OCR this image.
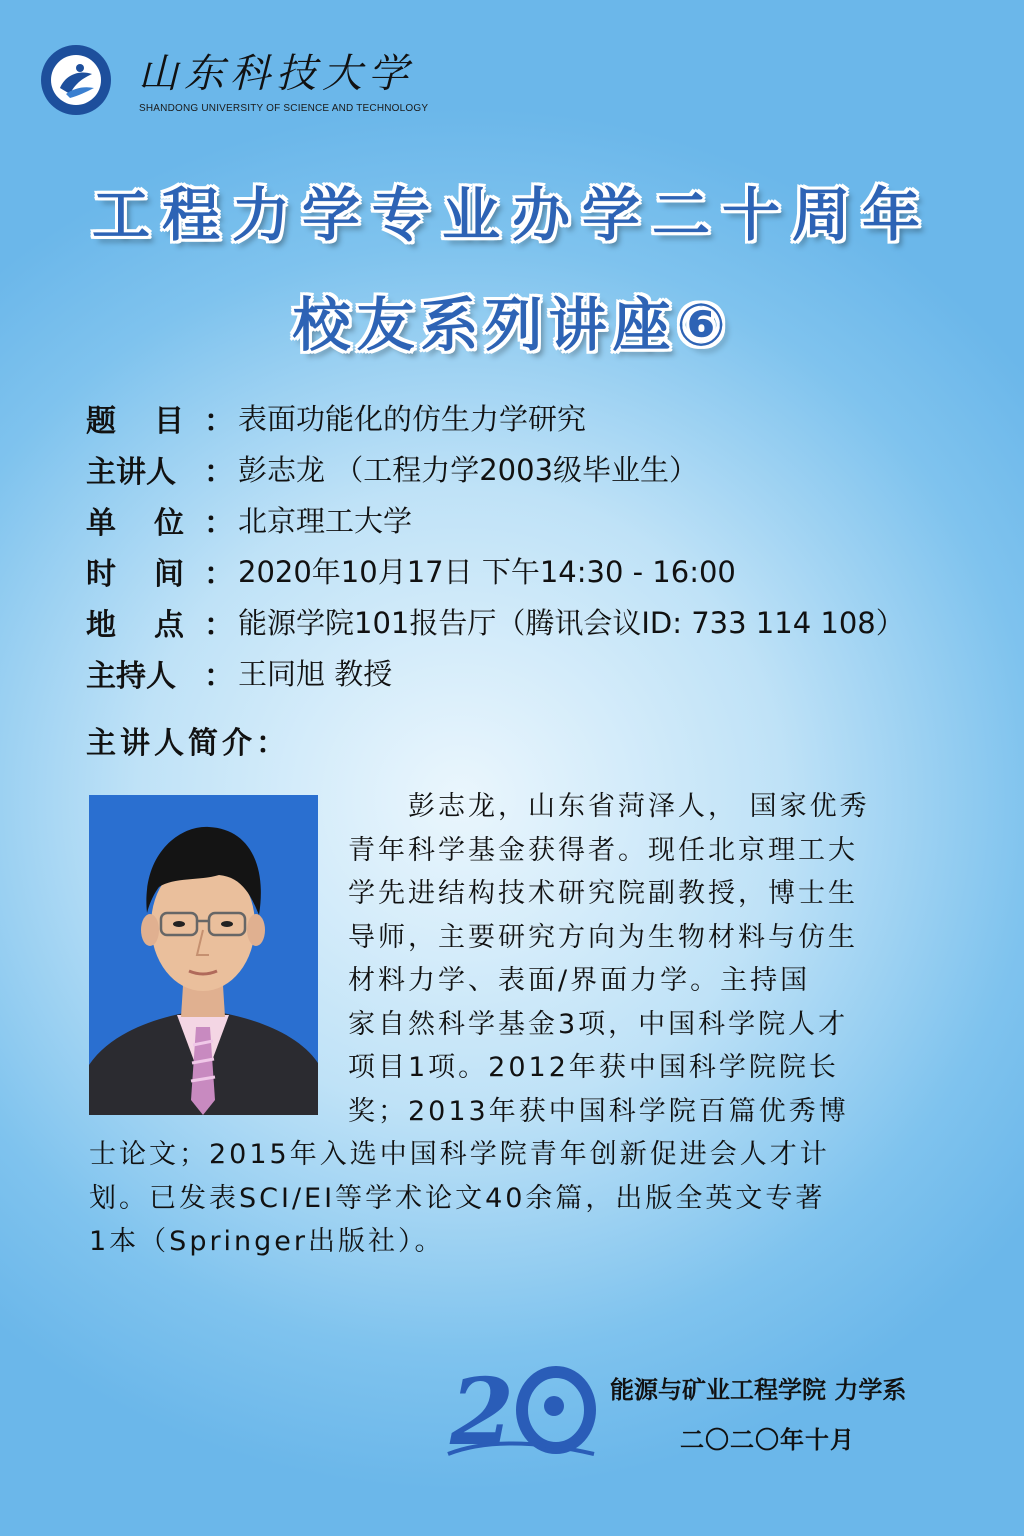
山东科技大学
SHANDONG UNIVERSITY OF SCIENCE AND TECHNOLOGY
工程力学专业办学二十周年
校友系列讲座⑥
题 目 ： 表面功能化的仿生力学研究
主讲人 ： 彭志龙 （工程力学2003级毕业生）
单 位 ： 北京理工大学
时 间 ： 2020年10月17日 下午14:30 - 16:00
地 点 ： 能源学院101报告厅（腾讯会议ID: 733 114 108）
主持人 ： 王同旭 教授
主讲人简介：
　　彭志龙，山东省菏泽人， 国家优秀
青年科学基金获得者。现任北京理工大
学先进结构技术研究院副教授，博士生
导师，主要研究方向为生物材料与仿生
材料力学、表面/界面力学。主持国
家自然科学基金3项，中国科学院人才
项目1项。2012年获中国科学院院长
奖；2013年获中国科学院百篇优秀博
士论文；2015年入选中国科学院青年创新促进会人才计
划。已发表SCI/EI等学术论文40余篇，出版全英文专著
1本（Springer出版社）。
2	能源与矿业工程学院 力学系
二〇二〇年十月
